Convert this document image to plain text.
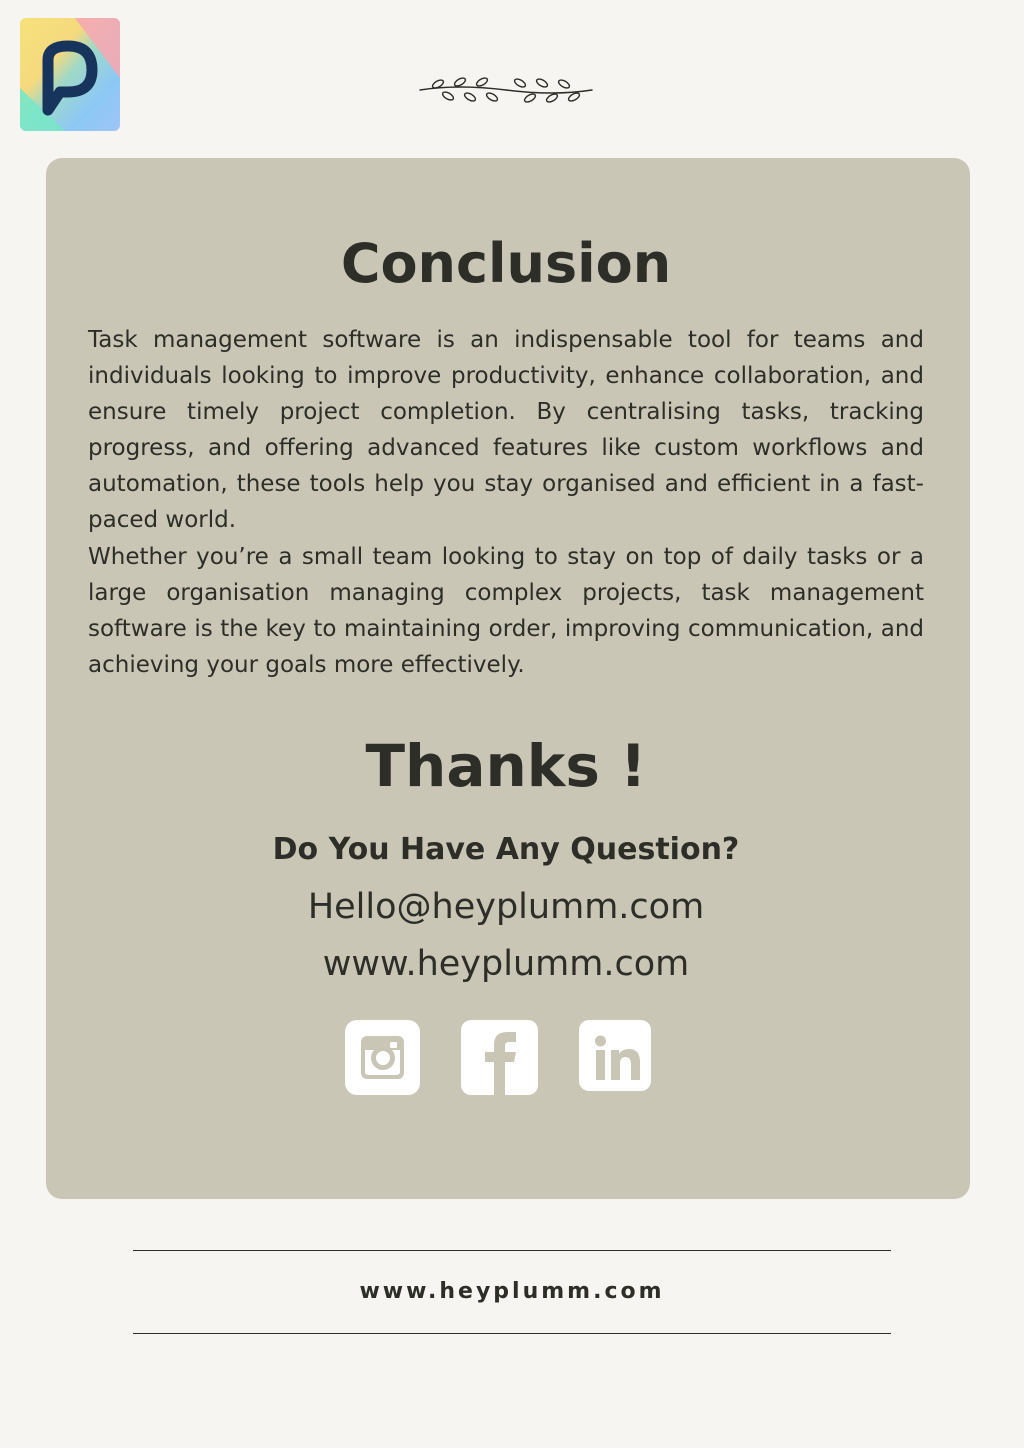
Conclusion

Task management software is an indispensable tool for teams and individuals looking to improve productivity, enhance collaboration, and ensure timely project completion. By centralising tasks, tracking progress, and offering advanced features like custom workflows and automation, these tools help you stay organised and efficient in a fast-paced world.

Whether you’re a small team looking to stay on top of daily tasks or a large organisation managing complex projects, task management software is the key to maintaining order, improving communication, and achieving your goals more effectively.

Thanks !
Do You Have Any Question?
Hello@heyplumm.com
www.heyplumm.com
www.heyplumm.com
